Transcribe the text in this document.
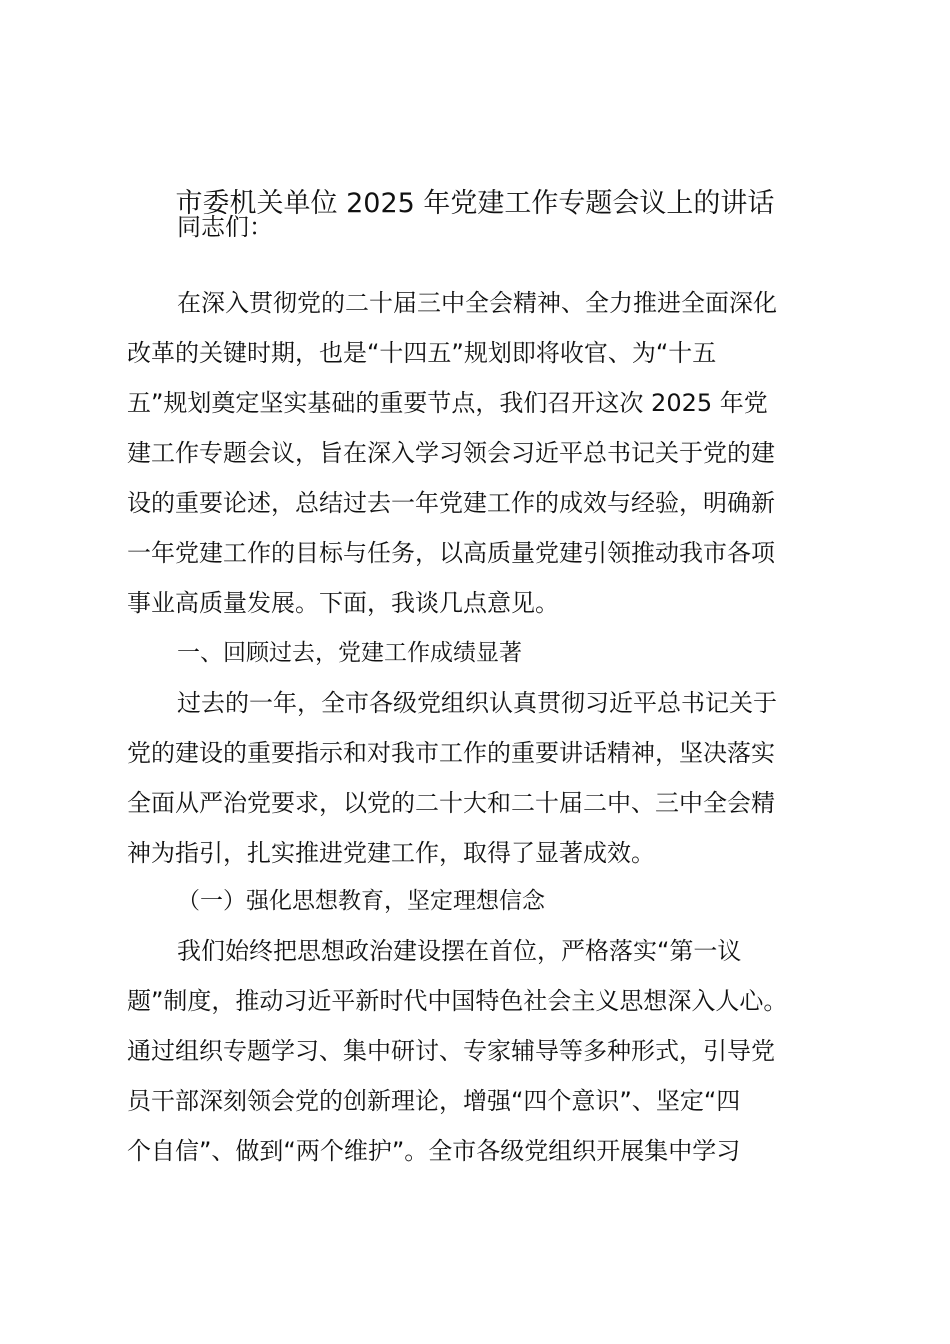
市委机关单位 2025 年党建工作专题会议上的讲话
同志们：
在深入贯彻党的二十届三中全会精神、全力推进全面深化
改革的关键时期，也是“十四五”规划即将收官、为“十五
五”规划奠定坚实基础的重要节点，我们召开这次 2025 年党
建工作专题会议，旨在深入学习领会习近平总书记关于党的建
设的重要论述，总结过去一年党建工作的成效与经验，明确新
一年党建工作的目标与任务，以高质量党建引领推动我市各项
事业高质量发展。下面，我谈几点意见。
一、回顾过去，党建工作成绩显著
过去的一年，全市各级党组织认真贯彻习近平总书记关于
党的建设的重要指示和对我市工作的重要讲话精神，坚决落实
全面从严治党要求，以党的二十大和二十届二中、三中全会精
神为指引，扎实推进党建工作，取得了显著成效。
（一）强化思想教育，坚定理想信念
我们始终把思想政治建设摆在首位，严格落实“第一议
题”制度，推动习近平新时代中国特色社会主义思想深入人心。
通过组织专题学习、集中研讨、专家辅导等多种形式，引导党
员干部深刻领会党的创新理论，增强“四个意识”、坚定“四
个自信”、做到“两个维护”。全市各级党组织开展集中学习
